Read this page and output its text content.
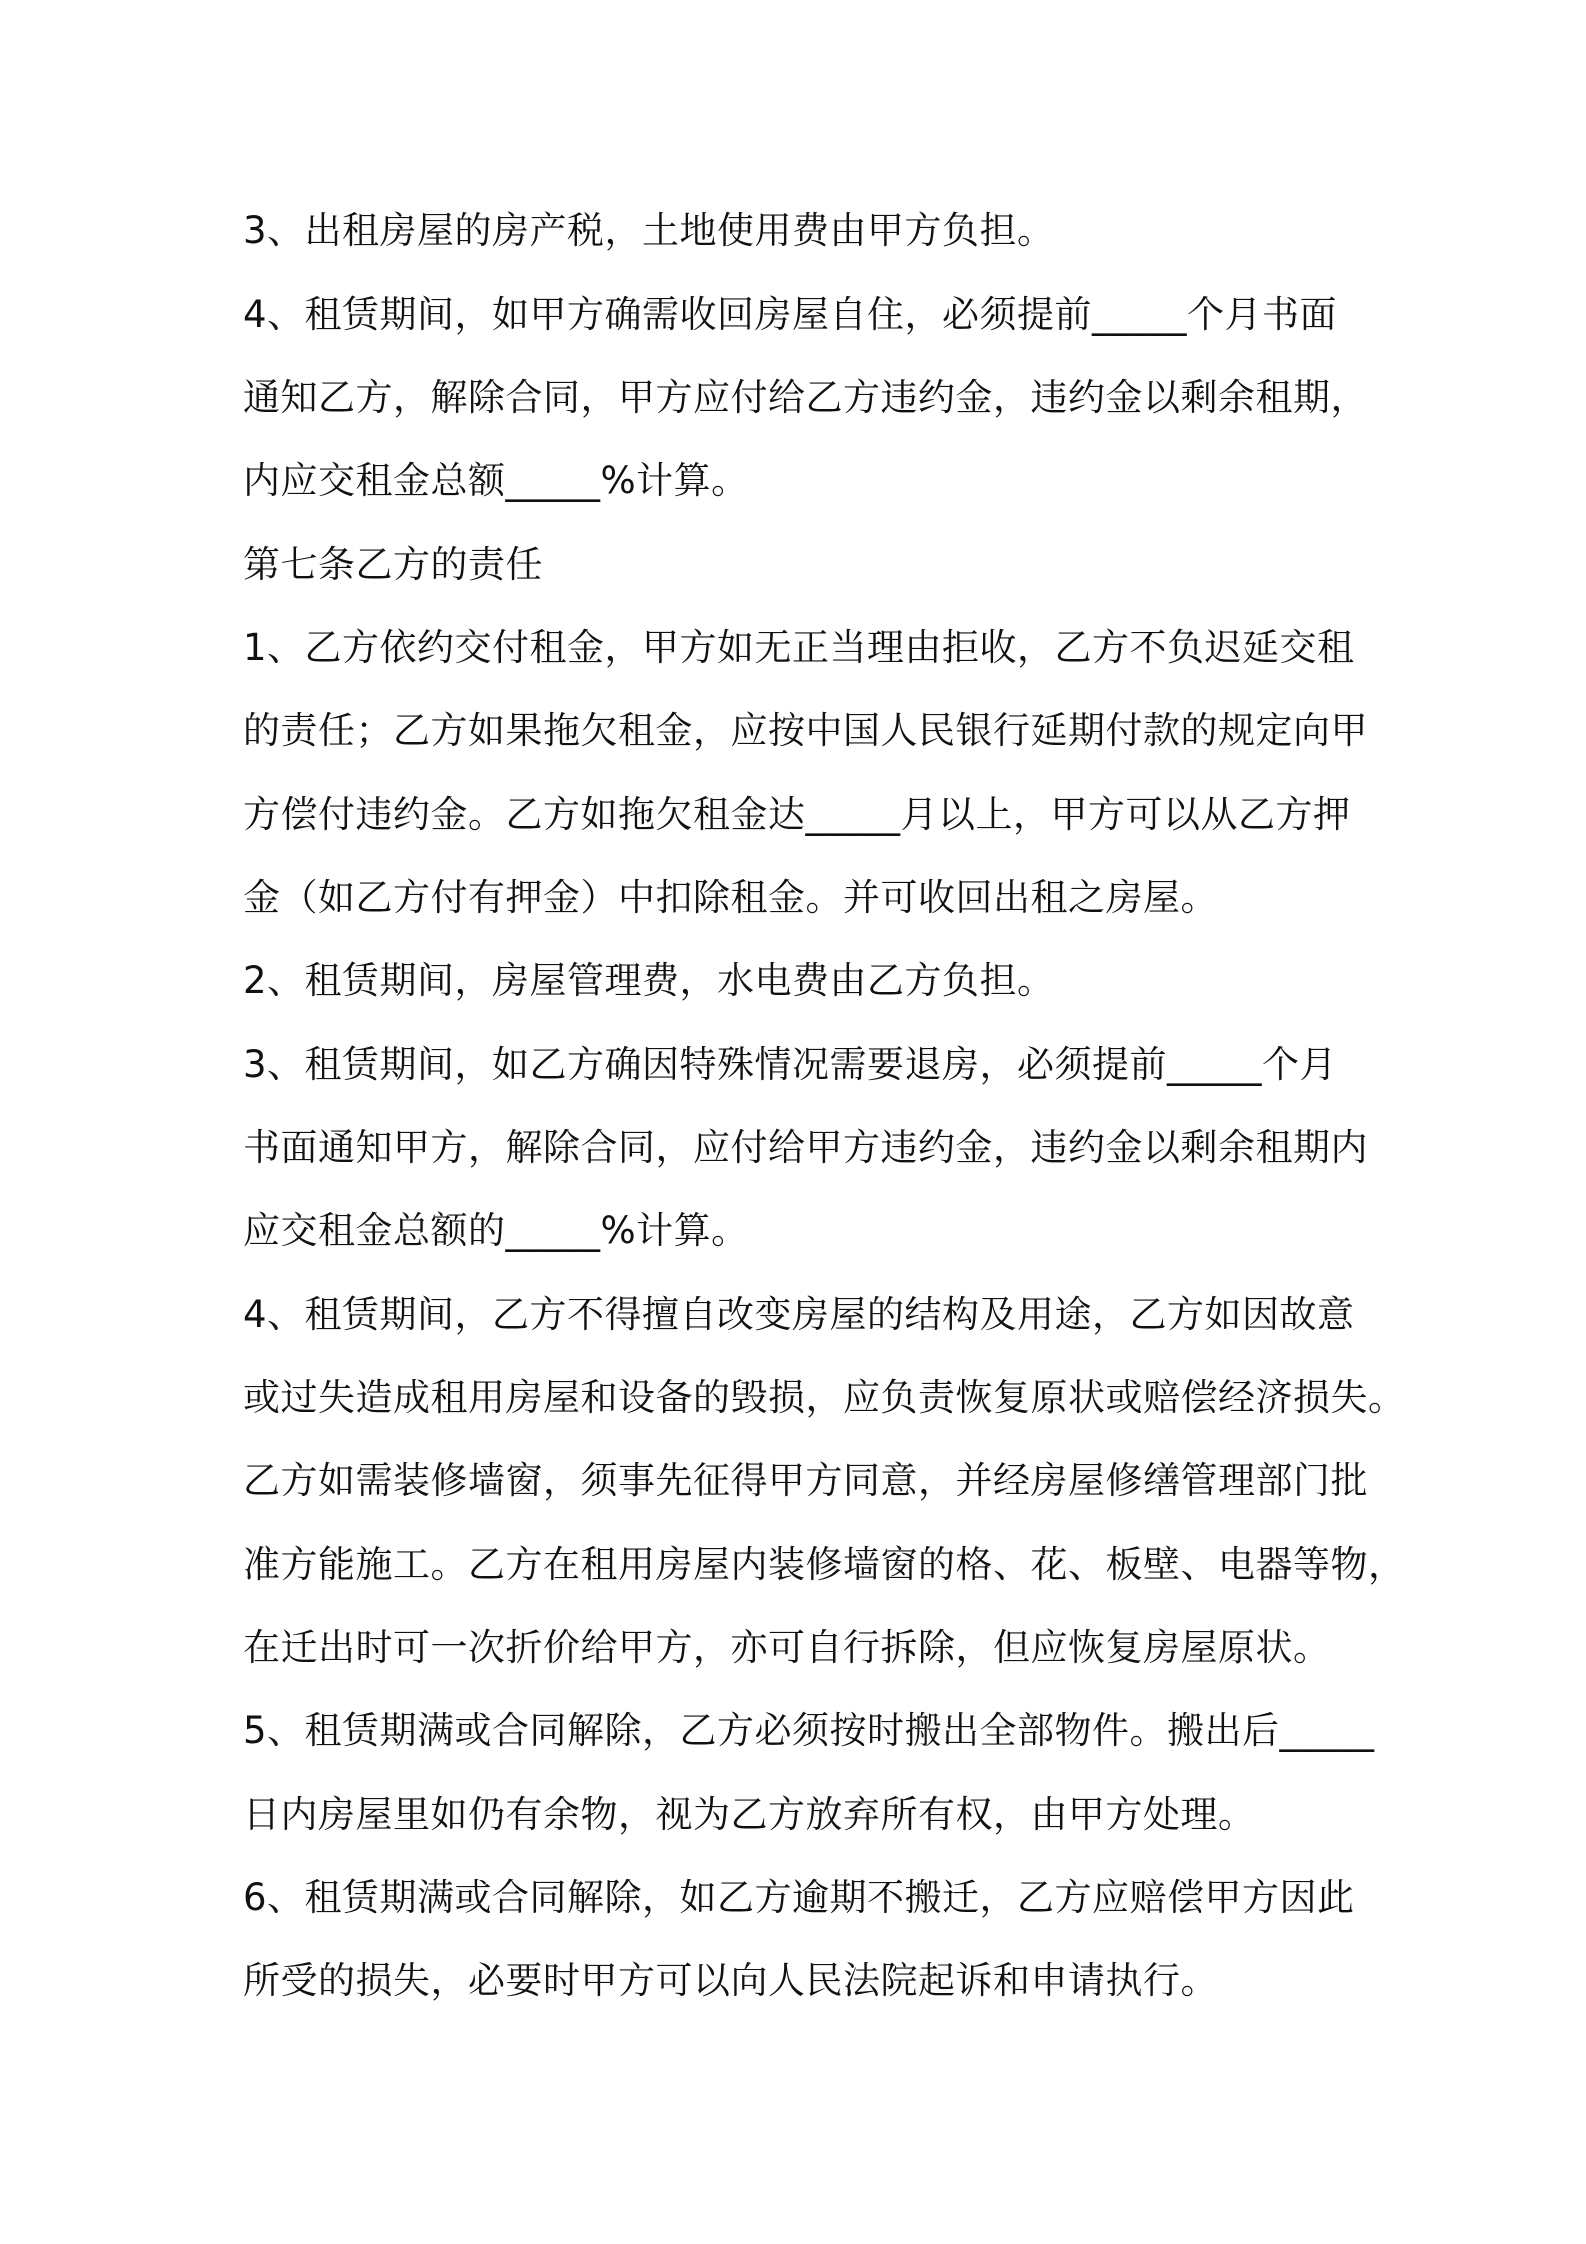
3、出租房屋的房产税，土地使用费由甲方负担。
4、租赁期间，如甲方确需收回房屋自住，必须提前_____个月书面
通知乙方，解除合同，甲方应付给乙方违约金，违约金以剩余租期，
内应交租金总额_____%计算。
第七条乙方的责任
1、乙方依约交付租金，甲方如无正当理由拒收，乙方不负迟延交租
的责任；乙方如果拖欠租金，应按中国人民银行延期付款的规定向甲
方偿付违约金。乙方如拖欠租金达_____月以上，甲方可以从乙方押
金（如乙方付有押金）中扣除租金。并可收回出租之房屋。
2、租赁期间，房屋管理费，水电费由乙方负担。
3、租赁期间，如乙方确因特殊情况需要退房，必须提前_____个月
书面通知甲方，解除合同，应付给甲方违约金，违约金以剩余租期内
应交租金总额的_____%计算。
4、租赁期间，乙方不得擅自改变房屋的结构及用途，乙方如因故意
或过失造成租用房屋和设备的毁损，应负责恢复原状或赔偿经济损失。
乙方如需装修墙窗，须事先征得甲方同意，并经房屋修缮管理部门批
准方能施工。乙方在租用房屋内装修墙窗的格、花、板壁、电器等物，
在迁出时可一次折价给甲方，亦可自行拆除，但应恢复房屋原状。
5、租赁期满或合同解除，乙方必须按时搬出全部物件。搬出后_____
日内房屋里如仍有余物，视为乙方放弃所有权，由甲方处理。
6、租赁期满或合同解除，如乙方逾期不搬迁，乙方应赔偿甲方因此
所受的损失，必要时甲方可以向人民法院起诉和申请执行。
